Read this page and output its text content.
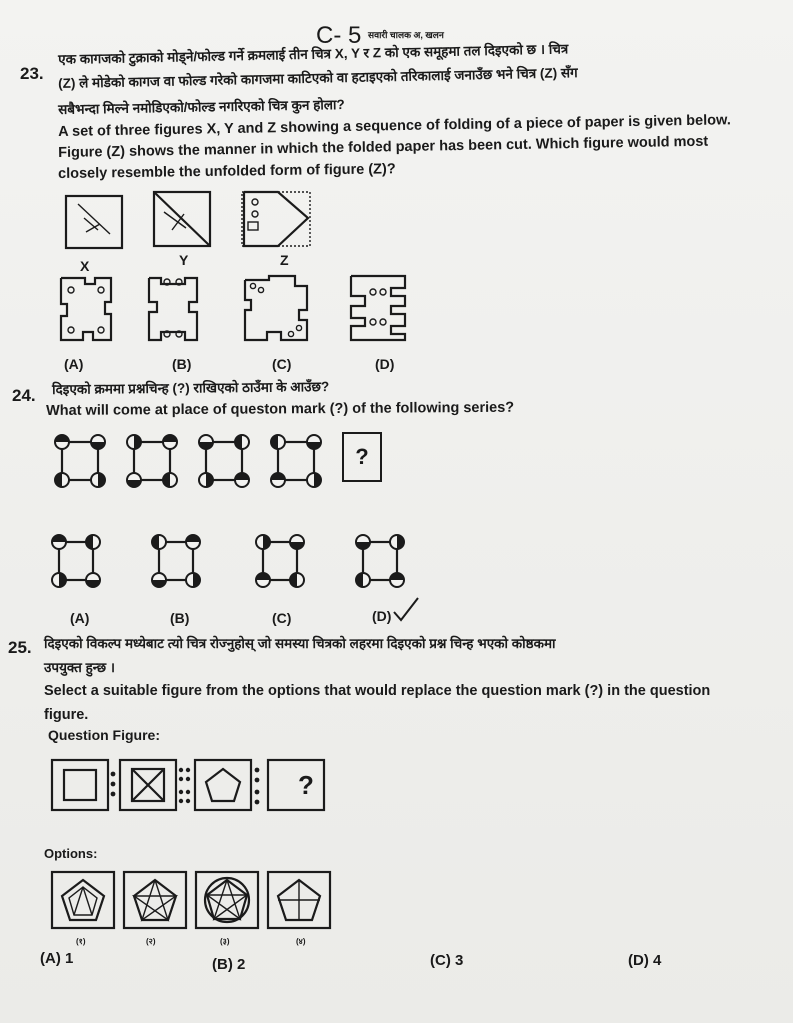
C- 5 सवारी चालक अ, खलन
23.
एक कागजको टुक्राको मोड्ने/फोल्ड गर्ने क्रमलाई तीन चित्र X, Y र Z को एक समूहमा तल दिइएको छ । चित्र
(Z) ले मोडेको कागज वा फोल्ड गरेको कागजमा काटिएको वा हटाइएको तरिकालाई जनाउँछ भने चित्र (Z) सँग
सबैभन्दा मिल्ने नमोडिएको/फोल्ड नगरिएको चित्र कुन होला?
A set of three figures X, Y and Z showing a sequence of folding of a piece of paper is given below.
Figure (Z) shows the manner in which the folded paper has been cut. Which figure would most
closely resemble the unfolded form of figure (Z)?
X	Y	Z
(A)	(B)	(C)	(D)
24. दिइएको क्रममा प्रश्नचिन्ह (?) राखिएको ठाउँमा के आउँछ?
What will come at place of queston mark (?) of the following series?
?
(A)	(B)	(C)	(D)
25. दिइएको विकल्प मध्येबाट त्यो चित्र रोज्नुहोस् जो समस्या चित्रको लहरमा दिइएको प्रश्न चिन्ह भएको कोष्ठकमा
उपयुक्त हुन्छ ।
Select a suitable figure from the options that would replace the question mark (?) in the question
figure.
Question Figure:
?
Options:
(१)	(२)	(३)	(४)
(A) 1	(B) 2	(C) 3	(D) 4
